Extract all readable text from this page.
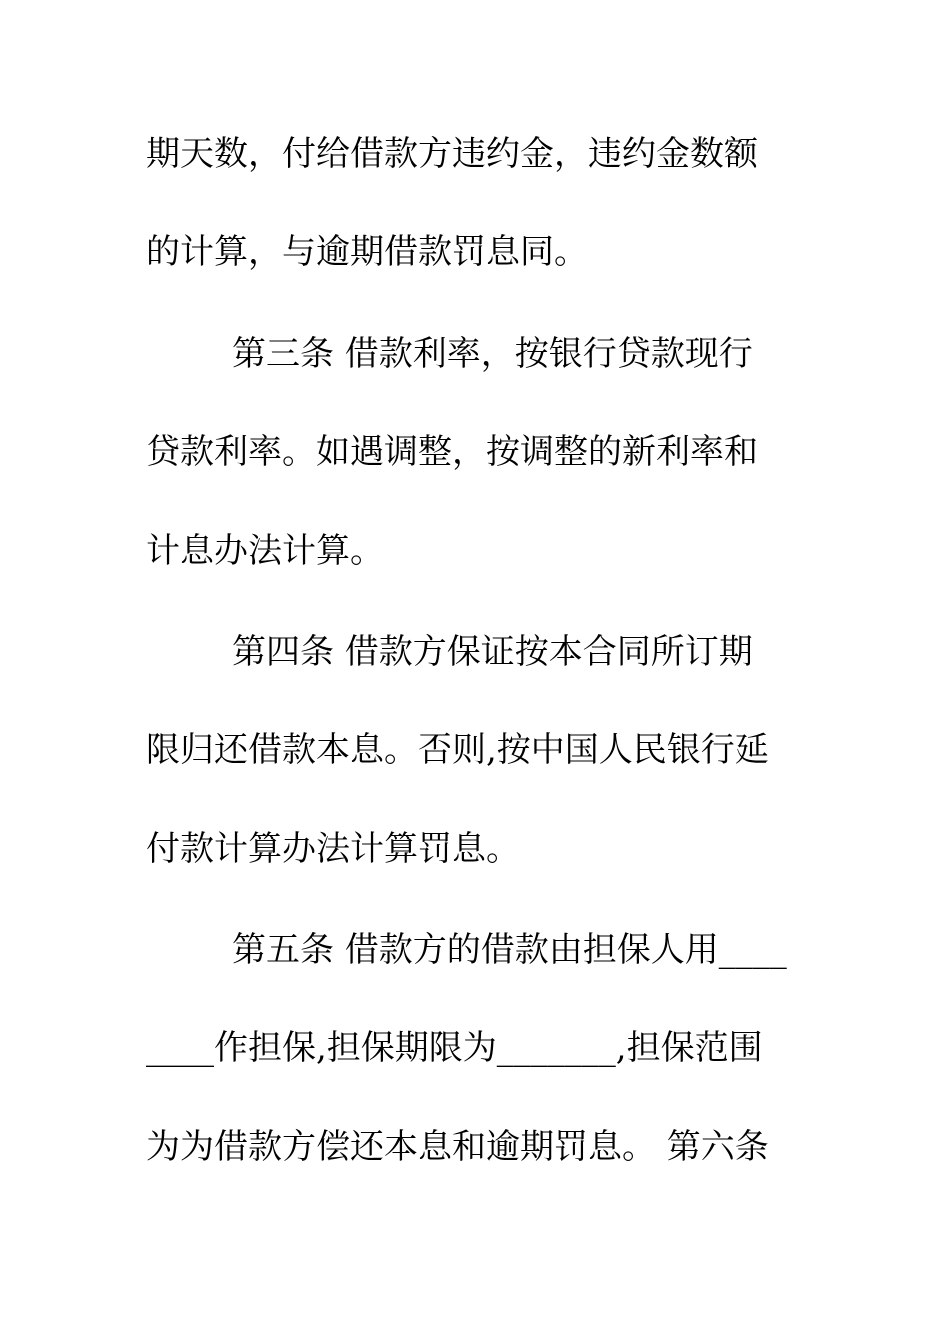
期天数，付给借款方违约金，违约金数额
的计算，与逾期借款罚息同。
第三条 借款利率，按银行贷款现行
贷款利率。如遇调整，按调整的新利率和
计息办法计算。
第四条 借款方保证按本合同所订期
限归还借款本息。否则,按中国人民银行延
付款计算办法计算罚息。
第五条 借款方的借款由担保人用____
____作担保,担保期限为_______,担保范围
为为借款方偿还本息和逾期罚息。 第六条
